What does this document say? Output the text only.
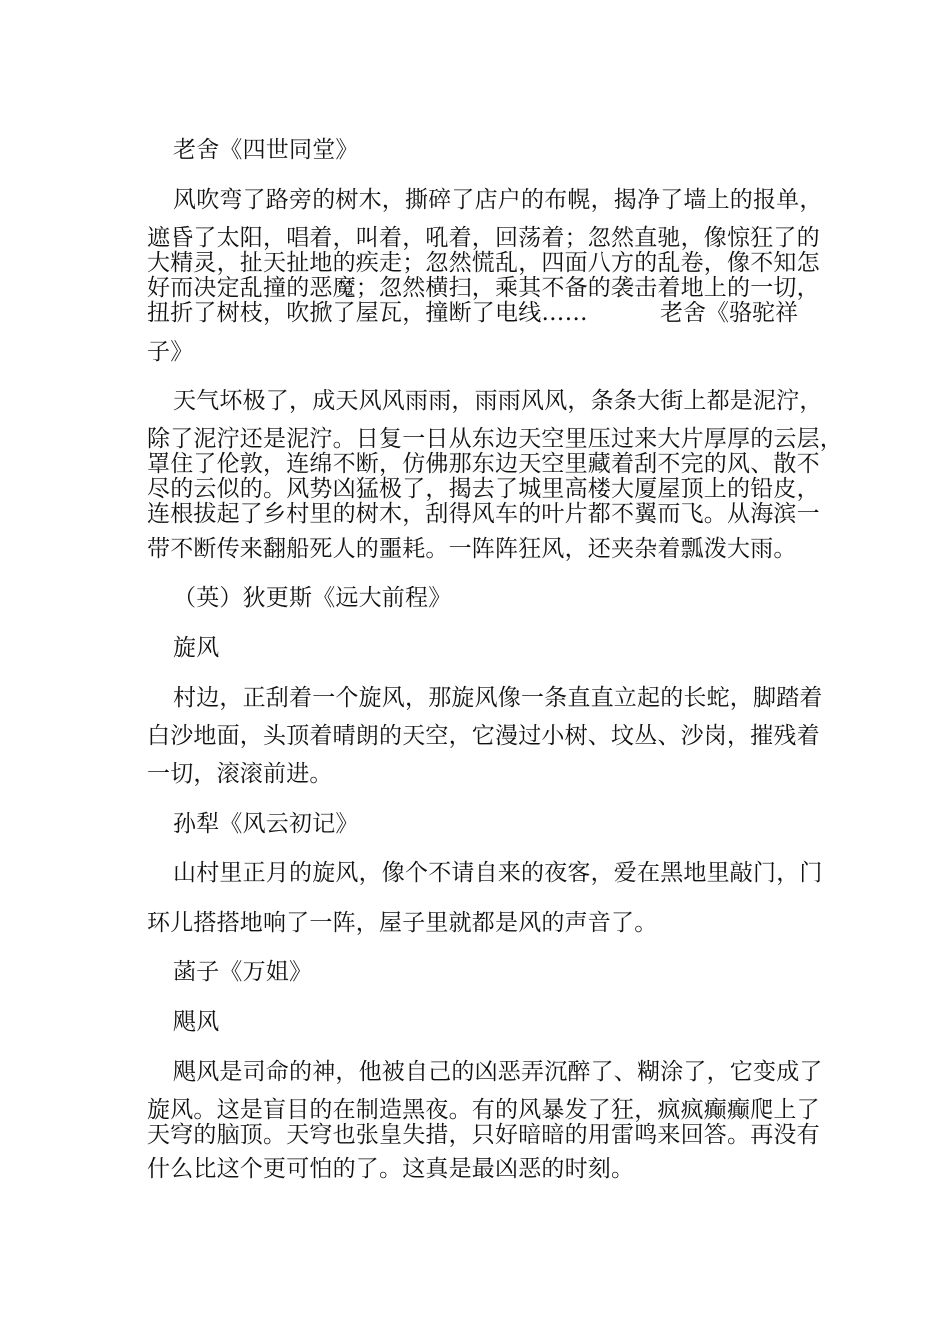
老舍《四世同堂》
风吹弯了路旁的树木，撕碎了店户的布幌，揭净了墙上的报单，
遮昏了太阳，唱着，叫着，吼着，回荡着；忽然直驰，像惊狂了的
大精灵，扯天扯地的疾走；忽然慌乱，四面八方的乱卷，像不知怎
好而决定乱撞的恶魔；忽然横扫，乘其不备的袭击着地上的一切，
扭折了树枝，吹掀了屋瓦，撞断了电线……	老舍《骆驼祥
子》
天气坏极了，成天风风雨雨，雨雨风风，条条大街上都是泥泞，
除了泥泞还是泥泞。日复一日从东边天空里压过来大片厚厚的云层，
罩住了伦敦，连绵不断，仿佛那东边天空里藏着刮不完的风、散不
尽的云似的。风势凶猛极了，揭去了城里高楼大厦屋顶上的铅皮，
连根拔起了乡村里的树木，刮得风车的叶片都不翼而飞。从海滨一
带不断传来翻船死人的噩耗。一阵阵狂风，还夹杂着瓢泼大雨。
（英）狄更斯《远大前程》
旋风
村边，正刮着一个旋风，那旋风像一条直直立起的长蛇，脚踏着
白沙地面，头顶着晴朗的天空，它漫过小树、坟丛、沙岗，摧残着
一切，滚滚前进。
孙犁《风云初记》
山村里正月的旋风，像个不请自来的夜客，爱在黑地里敲门，门
环儿搭搭地响了一阵，屋子里就都是风的声音了。
菡子《万姐》
飓风
飓风是司命的神，他被自己的凶恶弄沉醉了、糊涂了，它变成了
旋风。这是盲目的在制造黑夜。有的风暴发了狂，疯疯癫癫爬上了
天穹的脑顶。天穹也张皇失措，只好暗暗的用雷鸣来回答。再没有
什么比这个更可怕的了。这真是最凶恶的时刻。
